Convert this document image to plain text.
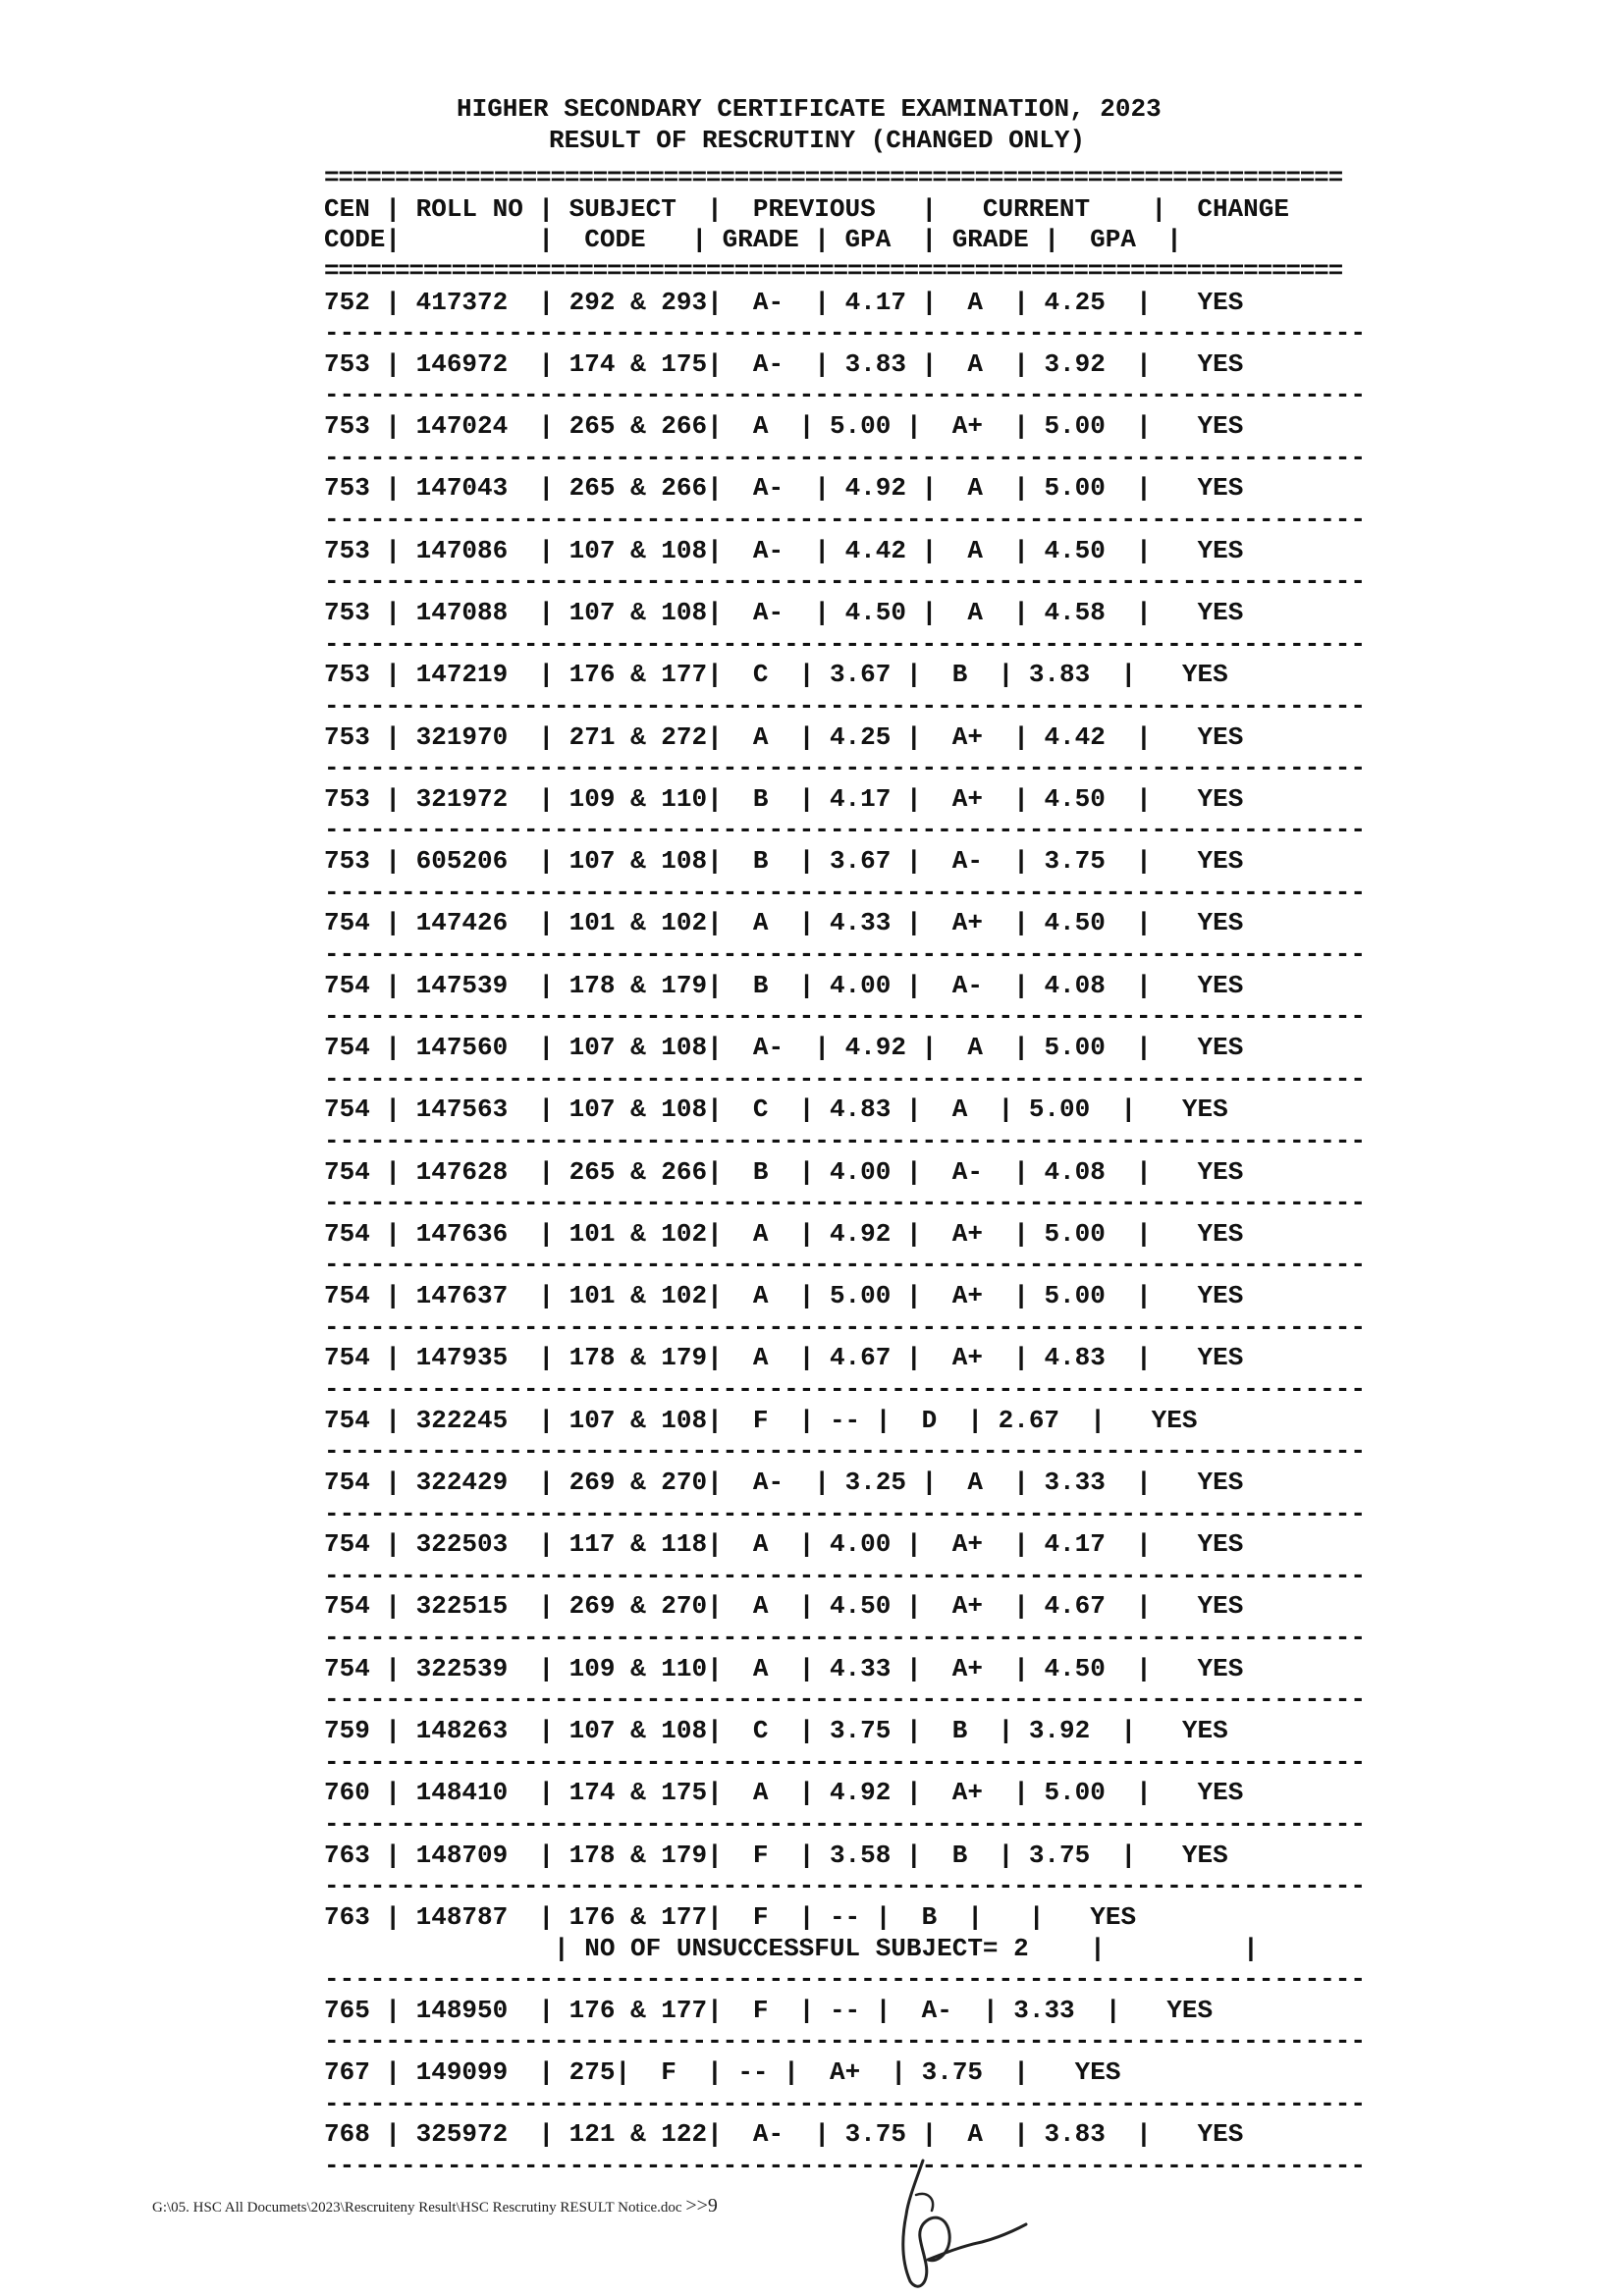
HIGHER SECONDARY CERTIFICATE EXAMINATION, 2023
RESULT OF RESCRUTINY (CHANGED ONLY)
========================================================================
CEN | ROLL NO | SUBJECT  |  PREVIOUS   |   CURRENT    |  CHANGE
CODE|         |  CODE   | GRADE | GPA  | GRADE |  GPA  |
========================================================================
752 | 417372  | 292 & 293|  A-  | 4.17 |  A  | 4.25  |   YES
--------------------------------------------------------------------
753 | 146972  | 174 & 175|  A-  | 3.83 |  A  | 3.92  |   YES
--------------------------------------------------------------------
753 | 147024  | 265 & 266|  A  | 5.00 |  A+  | 5.00  |   YES
--------------------------------------------------------------------
753 | 147043  | 265 & 266|  A-  | 4.92 |  A  | 5.00  |   YES
--------------------------------------------------------------------
753 | 147086  | 107 & 108|  A-  | 4.42 |  A  | 4.50  |   YES
--------------------------------------------------------------------
753 | 147088  | 107 & 108|  A-  | 4.50 |  A  | 4.58  |   YES
--------------------------------------------------------------------
753 | 147219  | 176 & 177|  C  | 3.67 |  B  | 3.83  |   YES
--------------------------------------------------------------------
753 | 321970  | 271 & 272|  A  | 4.25 |  A+  | 4.42  |   YES
--------------------------------------------------------------------
753 | 321972  | 109 & 110|  B  | 4.17 |  A+  | 4.50  |   YES
--------------------------------------------------------------------
753 | 605206  | 107 & 108|  B  | 3.67 |  A-  | 3.75  |   YES
--------------------------------------------------------------------
754 | 147426  | 101 & 102|  A  | 4.33 |  A+  | 4.50  |   YES
--------------------------------------------------------------------
754 | 147539  | 178 & 179|  B  | 4.00 |  A-  | 4.08  |   YES
--------------------------------------------------------------------
754 | 147560  | 107 & 108|  A-  | 4.92 |  A  | 5.00  |   YES
--------------------------------------------------------------------
754 | 147563  | 107 & 108|  C  | 4.83 |  A  | 5.00  |   YES
--------------------------------------------------------------------
754 | 147628  | 265 & 266|  B  | 4.00 |  A-  | 4.08  |   YES
--------------------------------------------------------------------
754 | 147636  | 101 & 102|  A  | 4.92 |  A+  | 5.00  |   YES
--------------------------------------------------------------------
754 | 147637  | 101 & 102|  A  | 5.00 |  A+  | 5.00  |   YES
--------------------------------------------------------------------
754 | 147935  | 178 & 179|  A  | 4.67 |  A+  | 4.83  |   YES
--------------------------------------------------------------------
754 | 322245  | 107 & 108|  F  | -- |  D  | 2.67  |   YES
--------------------------------------------------------------------
754 | 322429  | 269 & 270|  A-  | 3.25 |  A  | 3.33  |   YES
--------------------------------------------------------------------
754 | 322503  | 117 & 118|  A  | 4.00 |  A+  | 4.17  |   YES
--------------------------------------------------------------------
754 | 322515  | 269 & 270|  A  | 4.50 |  A+  | 4.67  |   YES
--------------------------------------------------------------------
754 | 322539  | 109 & 110|  A  | 4.33 |  A+  | 4.50  |   YES
--------------------------------------------------------------------
759 | 148263  | 107 & 108|  C  | 3.75 |  B  | 3.92  |   YES
--------------------------------------------------------------------
760 | 148410  | 174 & 175|  A  | 4.92 |  A+  | 5.00  |   YES
--------------------------------------------------------------------
763 | 148709  | 178 & 179|  F  | 3.58 |  B  | 3.75  |   YES
--------------------------------------------------------------------
763 | 148787  | 176 & 177|  F  | -- |  B  |   |   YES
| NO OF UNSUCCESSFUL SUBJECT= 2    |         |
--------------------------------------------------------------------
765 | 148950  | 176 & 177|  F  | -- |  A-  | 3.33  |   YES
--------------------------------------------------------------------
767 | 149099  | 275|  F  | -- |  A+  | 3.75  |   YES
--------------------------------------------------------------------
768 | 325972  | 121 & 122|  A-  | 3.75 |  A  | 3.83  |   YES
--------------------------------------------------------------------
G:\05. HSC All Documets\2023\Rescruiteny Result\HSC Rescrutiny RESULT Notice.doc >>9
